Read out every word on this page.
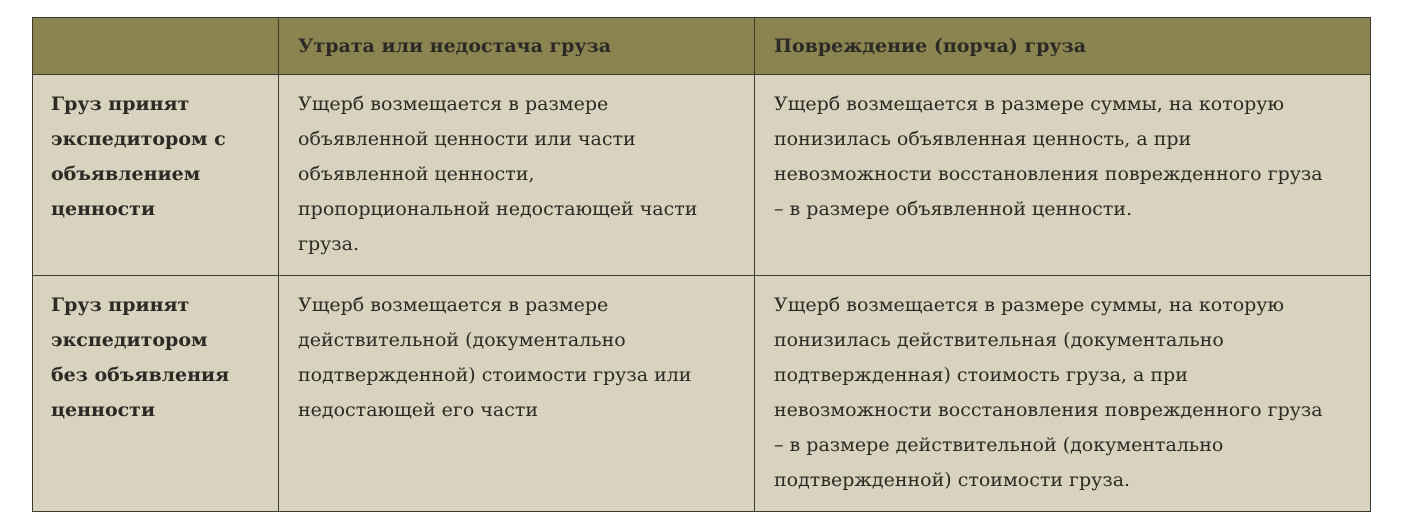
	Утрата или недостача груза	Повреждение (порча) груза

Груз принят экспедитором с объявлением ценности	Ущерб возмещается в размере объявленной ценности или части объявленной ценности, пропорциональной недостающей части груза.	Ущерб возмещается в размере суммы, на которую понизилась объявленная ценность, а при невозможности восстановления поврежденного груза – в размере объявленной ценности.

Груз принят экспедитором без объявления ценности	Ущерб возмещается в размере действительной (документально подтвержденной) стоимости груза или недостающей его части	Ущерб возмещается в размере суммы, на которую понизилась действительная (документально подтвержденная) стоимость груза, а при невозможности восстановления поврежденного груза – в размере действительной (документально подтвержденной) стоимости груза.
